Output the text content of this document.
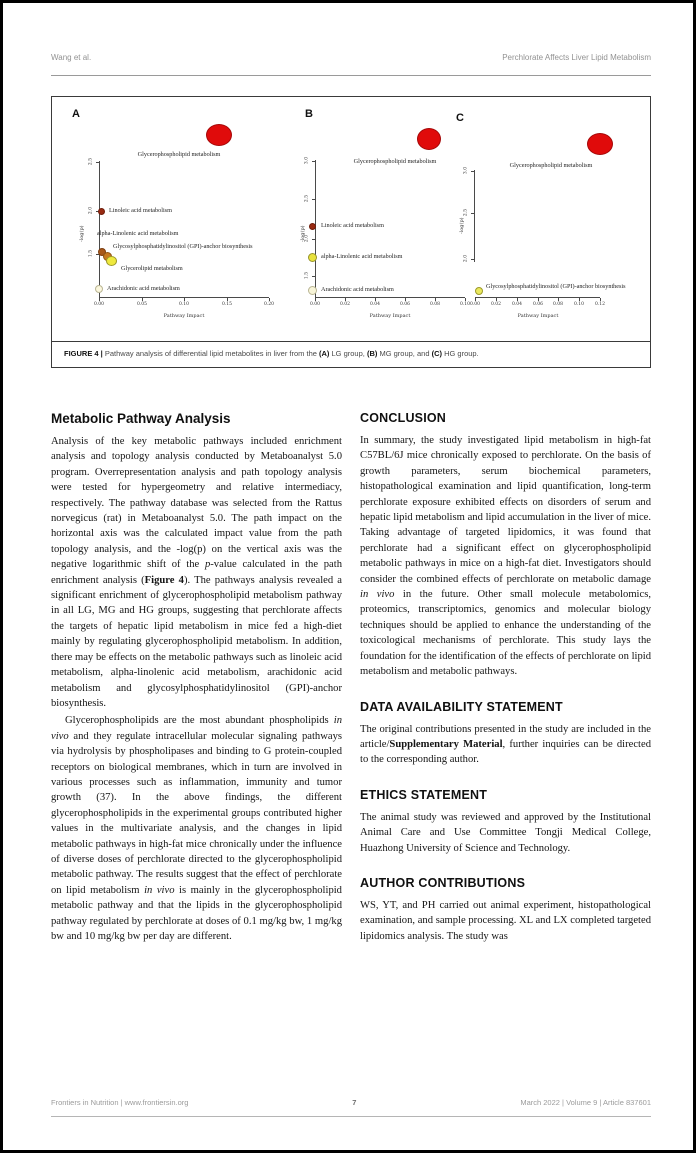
Wang et al.	Perchlorate Affects Liver Lipid Metabolism
A
-log(p)
2.5
2.0
1.5
Pathway Impact
0.00	0.05	0.10	0.15	0.20
Glycerophospholipid metabolism
Linoleic acid metabolism
alpha-Linolenic acid metabolism
Glycosylphosphatidylinositol (GPI)-anchor biosynthesis
Glycerolipid metabolism
Arachidonic acid metabolism
B
-log(p)
3.0
2.5
2.0
1.5
Pathway Impact
0.00	0.02	0.04	0.06	0.08	0.10
Glycerophospholipid metabolism
Linoleic acid metabolism
alpha-Linolenic acid metabolism
Arachidonic acid metabolism
C
-log(p)
3.0
2.5
2.0
Pathway Impact
0.00	0.02	0.04	0.06	0.08	0.10	0.12
Glycerophospholipid metabolism
Glycosylphosphatidylinositol (GPI)-anchor biosynthesis
FIGURE 4 | Pathway analysis of differential lipid metabolites in liver from the (A) LG group, (B) MG group, and (C) HG group.
Metabolic Pathway Analysis

Analysis of the key metabolic pathways included enrichment analysis and topology analysis conducted by Metaboanalyst 5.0 program. Overrepresentation analysis and path topology analysis were tested for hypergeometry and relative intermediacy, respectively. The pathway database was selected from the Rattus norvegicus (rat) in Metaboanalyst 5.0. The path impact on the horizontal axis was the calculated impact value from the path topology analysis, and the -log(p) on the vertical axis was the negative logarithmic shift of the p-value calculated in the path enrichment analysis (Figure 4). The pathways analysis revealed a significant enrichment of glycerophospholipid metabolism pathway in all LG, MG and HG groups, suggesting that perchlorate affects the targets of hepatic lipid metabolism in mice fed a high-diet mainly by regulating glycerophospholipid metabolism. In addition, there may be effects on the metabolic pathways such as linoleic acid metabolism, alpha-linolenic acid metabolism, arachidonic acid metabolism and glycosylphosphatidylinositol (GPI)-anchor biosynthesis.

Glycerophospholipids are the most abundant phospholipids in vivo and they regulate intracellular molecular signaling pathways via hydrolysis by phospholipases and binding to G protein-coupled receptors on biological membranes, which in turn are involved in various processes such as inflammation, immunity and tumor growth (37). In the above findings, the different glycerophospholipids in the experimental groups contributed higher values in the multivariate analysis, and the changes in lipid metabolic pathways in high-fat mice chronically under the influence of diverse doses of perchlorate directed to the glycerophospholipid metabolic pathway. The results suggest that the effect of perchlorate on lipid metabolism in vivo is mainly in the glycerophospholipid metabolic pathway and that the lipids in the glycerophospholipid pathway regulated by perchlorate at doses of 0.1 mg/kg bw, 1 mg/kg bw and 10 mg/kg bw per day are different.

CONCLUSION

In summary, the study investigated lipid metabolism in high-fat C57BL/6J mice chronically exposed to perchlorate. On the basis of growth parameters, serum biochemical parameters, histopathological examination and lipid quantification, long-term perchlorate exposure exhibited effects on disorders of serum and hepatic lipid metabolism and lipid accumulation in the liver of mice. Taking advantage of targeted lipidomics, it was found that perchlorate had a significant effect on glycerophospholipid metabolic pathways in mice on a high-fat diet. Investigators should consider the combined effects of perchlorate on metabolic damage in vivo in the future. Other small molecule metabolomics, proteomics, transcriptomics, genomics and molecular biology techniques should be applied to enhance the understanding of the toxicological mechanisms of perchlorate. This study lays the foundation for the identification of the effects of perchlorate on lipid metabolism and metabolic pathways.

DATA AVAILABILITY STATEMENT

The original contributions presented in the study are included in the article/Supplementary Material, further inquiries can be directed to the corresponding author.

ETHICS STATEMENT

The animal study was reviewed and approved by the Institutional Animal Care and Use Committee Tongji Medical College, Huazhong University of Science and Technology.

AUTHOR CONTRIBUTIONS

WS, YT, and PH carried out animal experiment, histopathological examination, and sample processing. XL and LX completed targeted lipidomics analysis. The study was

Frontiers in Nutrition | www.frontiersin.org	7	March 2022 | Volume 9 | Article 837601
